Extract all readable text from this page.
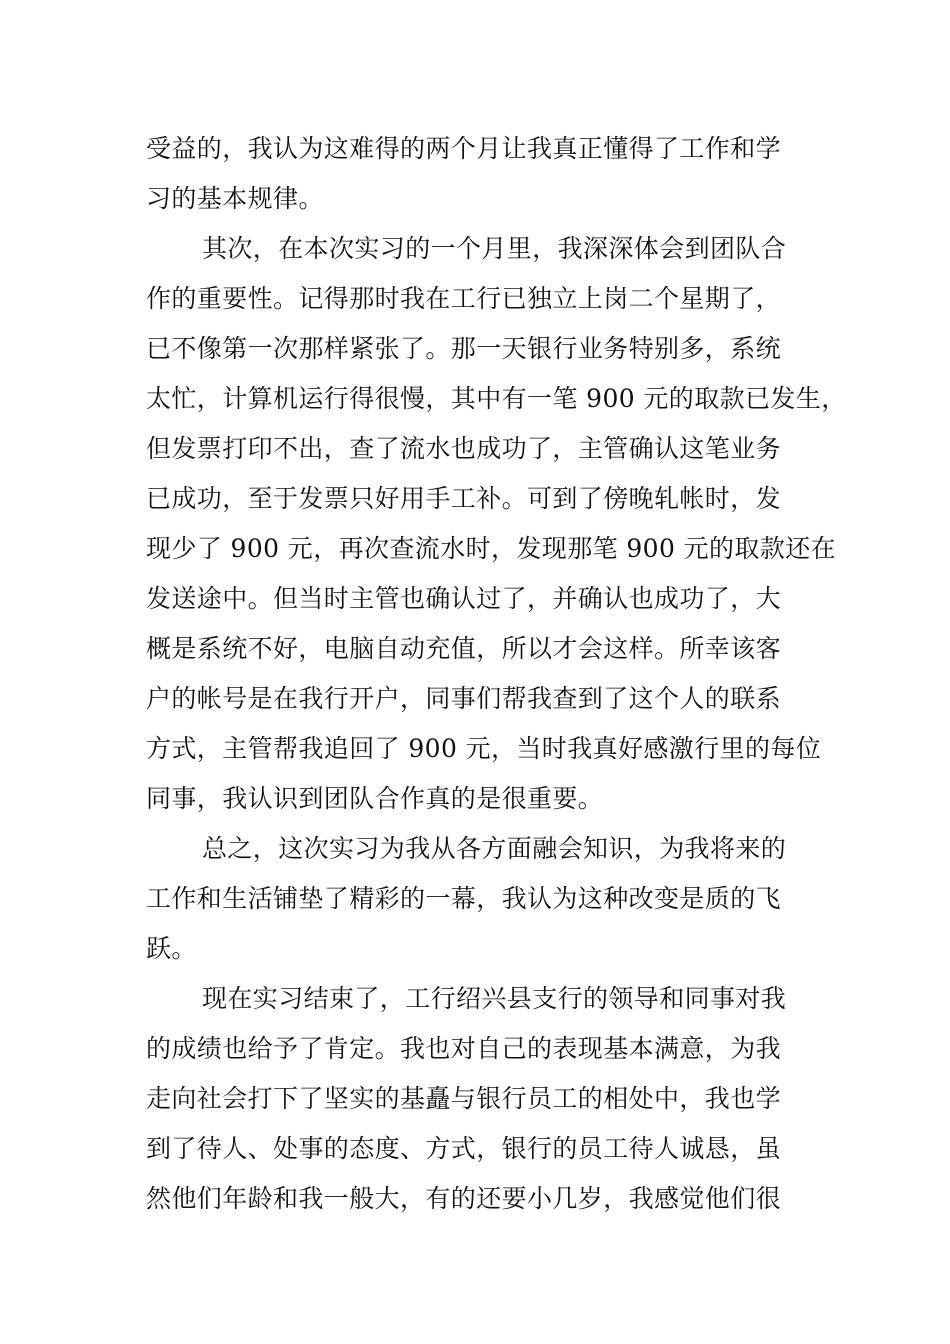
受益的，我认为这难得的两个月让我真正懂得了工作和学
习的基本规律。
其次，在本次实习的一个月里，我深深体会到团队合
作的重要性。记得那时我在工行已独立上岗二个星期了，
已不像第一次那样紧张了。那一天银行业务特别多，系统
太忙，计算机运行得很慢，其中有一笔 900 元的取款已发生，
但发票打印不出，查了流水也成功了，主管确认这笔业务
已成功，至于发票只好用手工补。可到了傍晚轧帐时，发
现少了 900 元，再次查流水时，发现那笔 900 元的取款还在
发送途中。但当时主管也确认过了，并确认也成功了，大
概是系统不好，电脑自动充值，所以才会这样。所幸该客
户的帐号是在我行开户，同事们帮我查到了这个人的联系
方式，主管帮我追回了 900 元，当时我真好感激行里的每位
同事，我认识到团队合作真的是很重要。
总之，这次实习为我从各方面融会知识，为我将来的
工作和生活铺垫了精彩的一幕，我认为这种改变是质的飞
跃。
现在实习结束了，工行绍兴县支行的领导和同事对我
的成绩也给予了肯定。我也对自己的表现基本满意，为我
走向社会打下了坚实的基矗与银行员工的相处中，我也学
到了待人、处事的态度、方式，银行的员工待人诚恳，虽
然他们年龄和我一般大，有的还要小几岁，我感觉他们很
